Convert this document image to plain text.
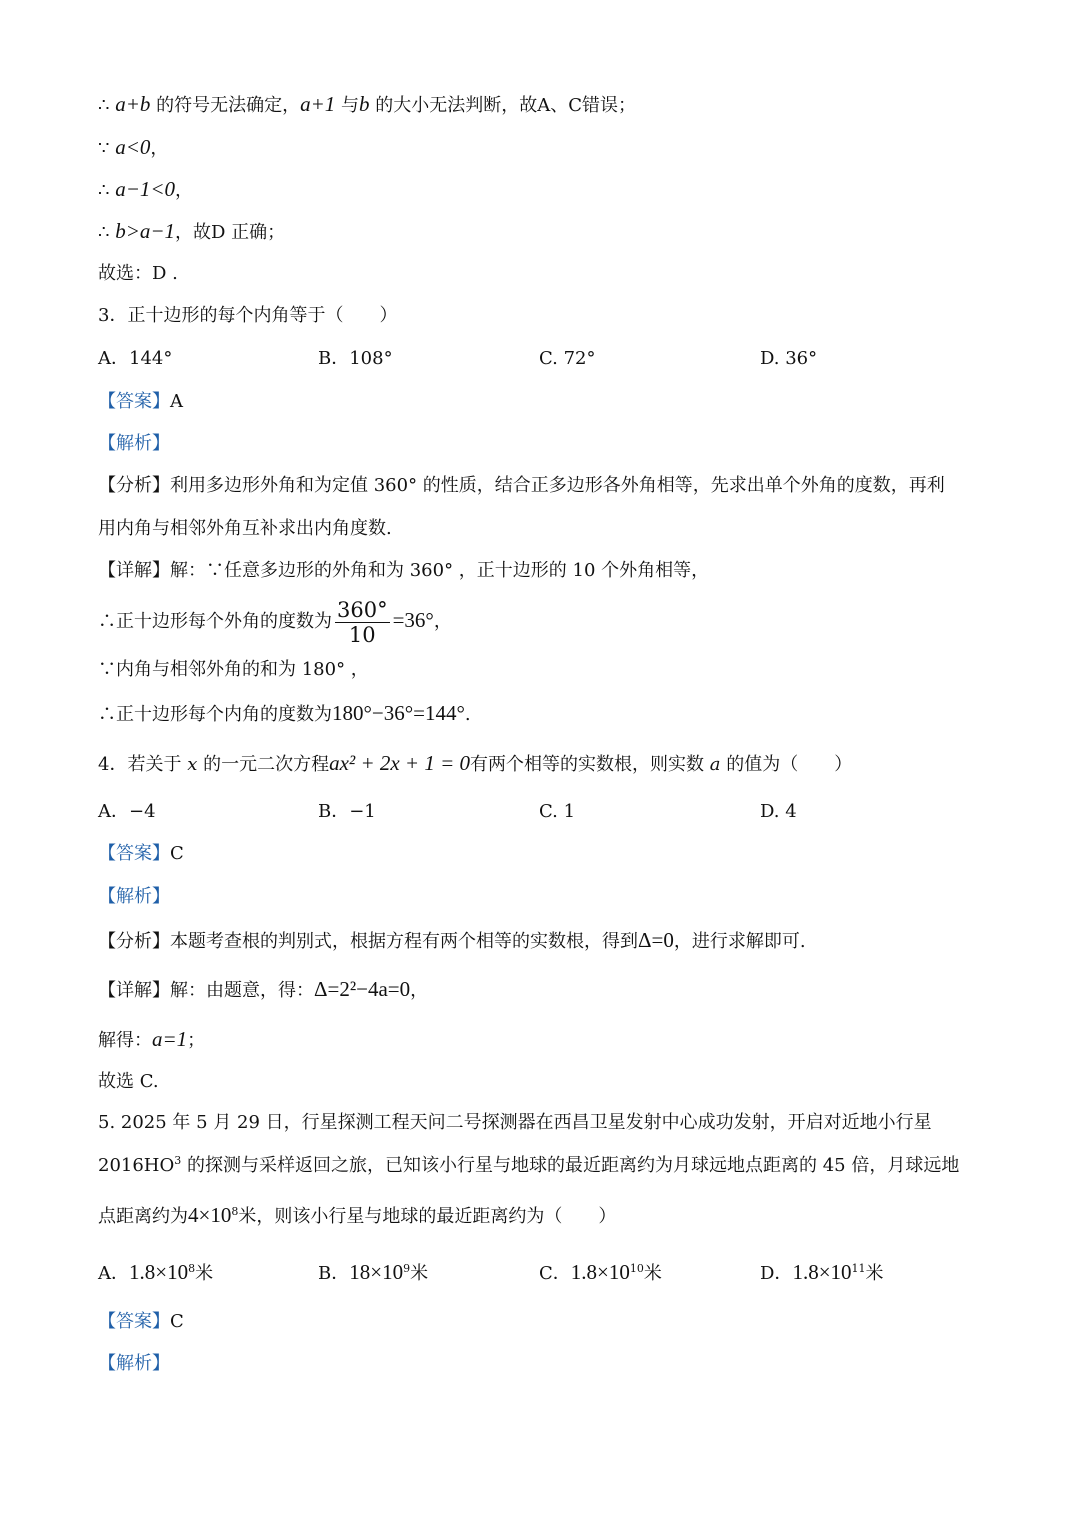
∴ a+b 的符号无法确定，a+1 与b 的大小无法判断，故A、C错误；
∵ a<0，
∴ a−1<0，
∴ b>a−1，故D 正确；
故选：D .
3．正十边形的每个内角等于（　　）
A．144°	B．108°	C. 72°	D. 36°
【答案】A
【解析】
【分析】利用多边形外角和为定值 360° 的性质，结合正多边形各外角相等，先求出单个外角的度数，再利
用内角与相邻外角互补求出内角度数.
【详解】解：∵任意多边形的外角和为 360° ，正十边形的 10 个外角相等，
∴正十边形每个外角的度数为 $\frac{360^\circ}{10} =36^\circ$，
∵内角与相邻外角的和为 180° ，
∴正十边形每个内角的度数为180°−36°=144°.
4．若关于 x 的一元二次方程ax² + 2x + 1 = 0有两个相等的实数根，则实数 a 的值为（　　）
A．−4	B．−1	C. 1	D. 4
【答案】C
【解析】
【分析】本题考查根的判别式，根据方程有两个相等的实数根，得到Δ=0，进行求解即可.
【详解】解：由题意，得：Δ=2²−4a=0，
解得：a=1；
故选 C.
5. 2025 年 5 月 29 日，行星探测工程天问二号探测器在西昌卫星发射中心成功发射，开启对近地小行星
$2016HO^3$ 的探测与采样返回之旅，已知该小行星与地球的最近距离约为月球远地点距离的 45 倍，月球远地
点距离约为$4\times 10^8$米，则该小行星与地球的最近距离约为（　　）
A．$1.8\times 10^8$米	B．$18\times 10^9$米	C．$1.8\times 10^{10}$米	D．$1.8\times 10^{11}$米
【答案】C
【解析】
